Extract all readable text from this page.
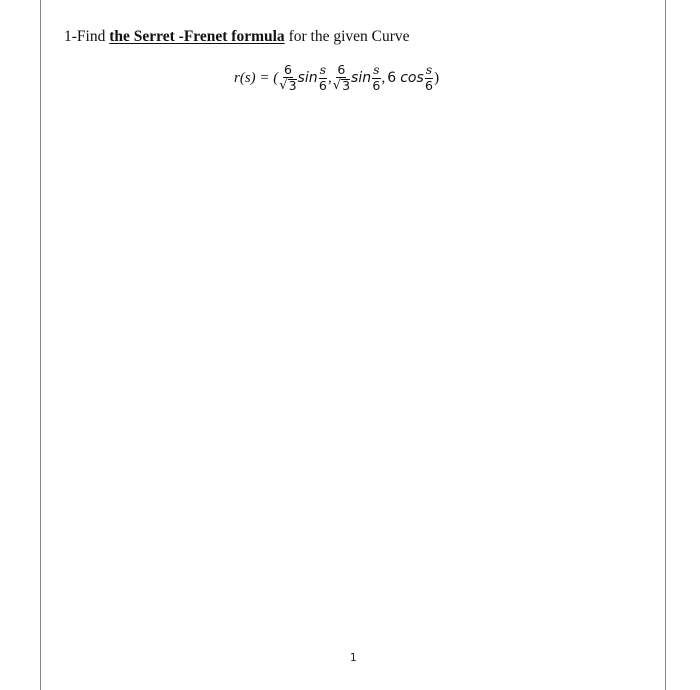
1-Find the Serret -Frenet formula for the given Curve
r(s) = ( $\frac{6}{√ 3}$ $\sin \frac{s}{6}$ , $\frac{6}{√ 3}$ $\sin \frac{s}{6}$ , 6 $\cos \frac{s}{6}$ )
1
